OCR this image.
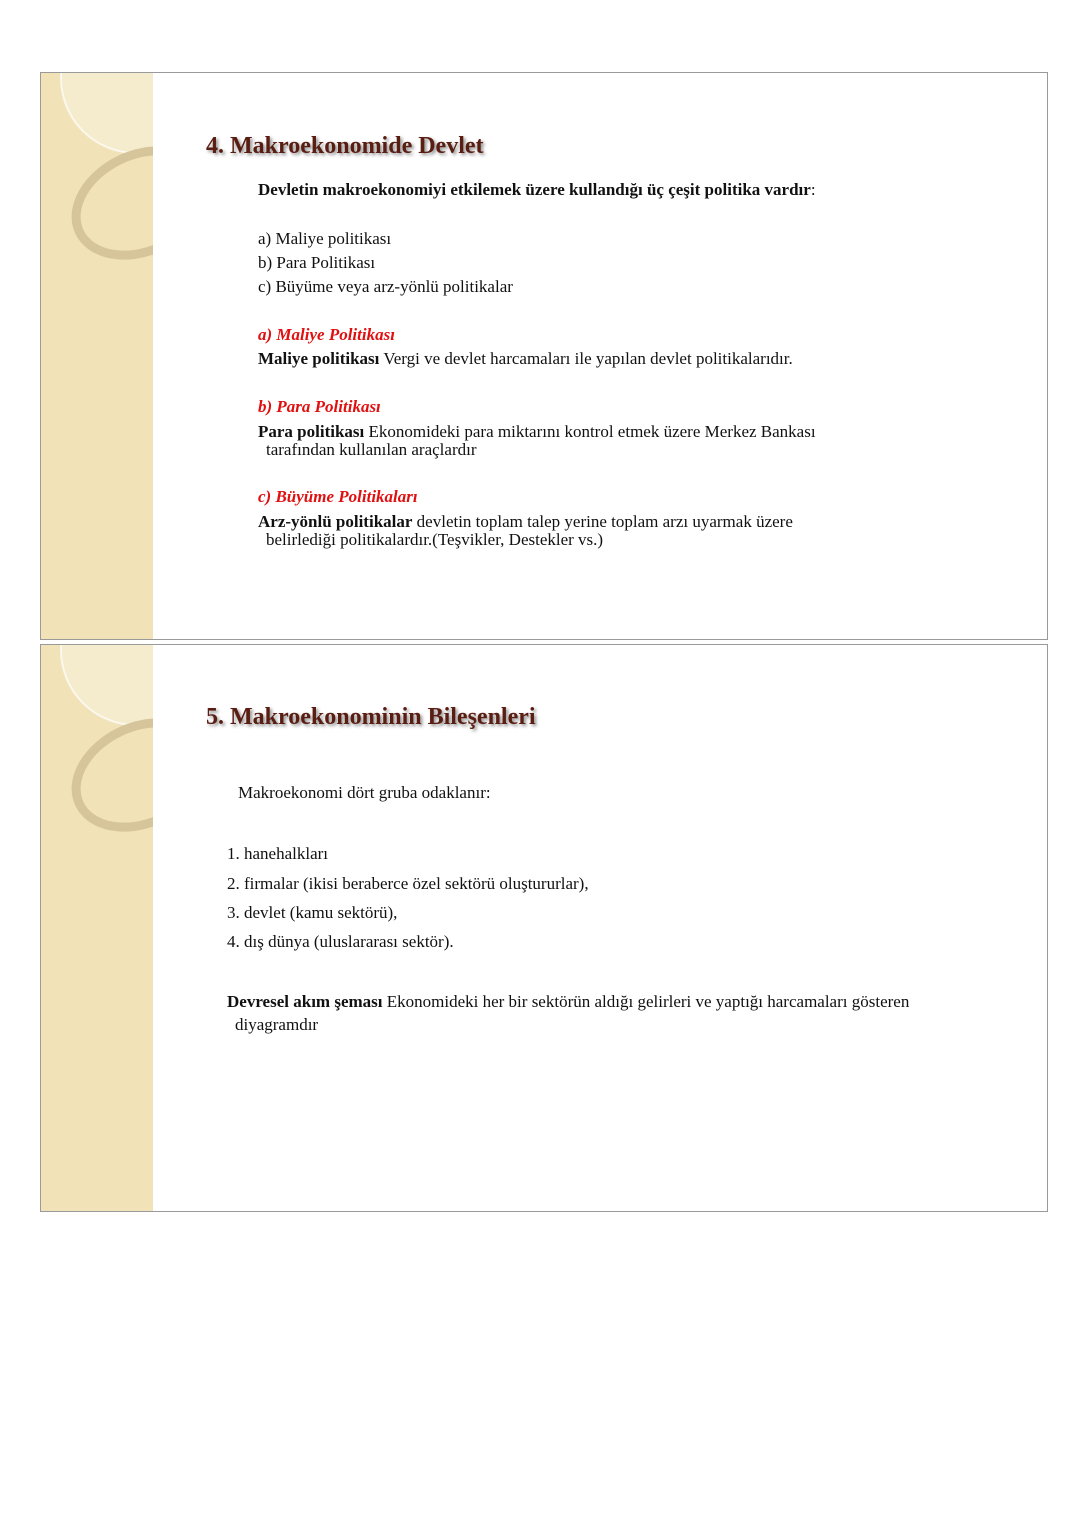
4. Makroekonomide Devlet
Devletin makroekonomiyi etkilemek üzere kullandığı üç çeşit politika vardır:
a) Maliye politikası
b) Para Politikası
c) Büyüme veya arz-yönlü politikalar
a) Maliye Politikası
Maliye politikası Vergi ve devlet harcamaları ile yapılan devlet politikalarıdır.
b) Para Politikası
Para politikası Ekonomideki para miktarını kontrol etmek üzere Merkez Bankası
tarafından kullanılan araçlardır
c) Büyüme Politikaları
Arz-yönlü politikalar devletin toplam talep yerine toplam arzı uyarmak üzere
belirlediği politikalardır.(Teşvikler, Destekler vs.)
5. Makroekonominin Bileşenleri
Makroekonomi dört gruba odaklanır:
1. hanehalkları
2. firmalar (ikisi beraberce özel sektörü oluştururlar),
3. devlet (kamu sektörü),
4. dış dünya (uluslararası sektör).
Devresel akım şeması Ekonomideki her bir sektörün aldığı gelirleri ve yaptığı harcamaları gösteren
diyagramdır
